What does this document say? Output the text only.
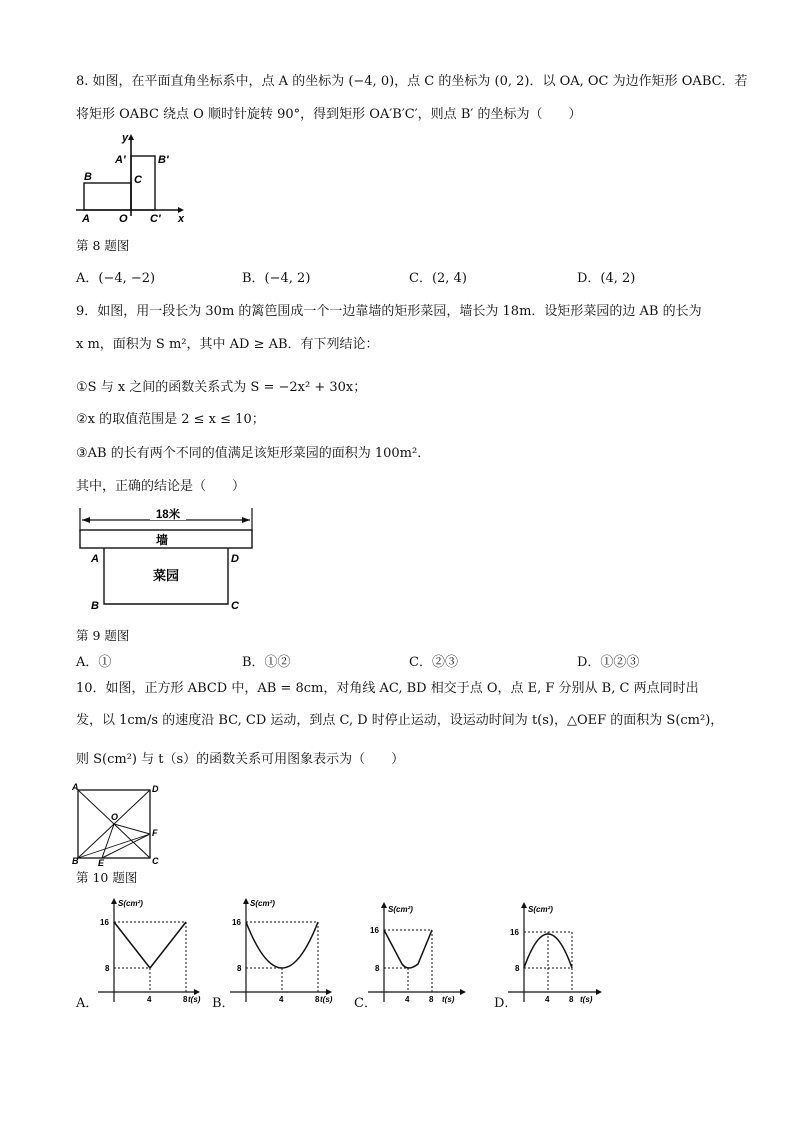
8. 如图，在平面直角坐标系中，点 A 的坐标为 (−4, 0)，点 C 的坐标为 (0, 2)．以 OA, OC 为边作矩形 OABC．若
将矩形 OABC 绕点 O 顺时针旋转 90°，得到矩形 OA′B′C′，则点 B′ 的坐标为（　　）
y
x
A′	B′
B	C
A	O C′
第 8 题图
A．(−4, −2)	B．(−4, 2)	C．(2, 4)	D．(4, 2)
9．如图，用一段长为 30m 的篱笆围成一个一边靠墙的矩形菜园，墙长为 18m．设矩形菜园的边 AB 的长为
x m，面积为 S m²，其中 AD ≥ AB．有下列结论：
①S 与 x 之间的函数关系式为 S = −2x² + 30x；
②x 的取值范围是 2 ≤ x ≤ 10；
③AB 的长有两个不同的值满足该矩形菜园的面积为 100m²．
其中，正确的结论是（　　）
18米
墙
菜园
A	D
B	C
第 9 题图
A．①	B．①②	C．②③	D．①②③
10．如图，正方形 ABCD 中，AB = 8cm，对角线 AC, BD 相交于点 O，点 E, F 分别从 B, C 两点同时出
发，以 1cm/s 的速度沿 BC, CD 运动，到点 C, D 时停止运动，设运动时间为 t(s)，△OEF 的面积为 S(cm²)，
则 S(cm²) 与 t（s）的函数关系可用图象表示为（　　）
A	D
O
F
B E	C
第 10 题图
A．
S(cm²)
16
8
4	8 t(s) B．
S(cm²)
16
8
4	8 t(s) C．
S(cm²)
16
8
4 8 t(s)	D．
S(cm²)
16
8
4 8 t(s)
